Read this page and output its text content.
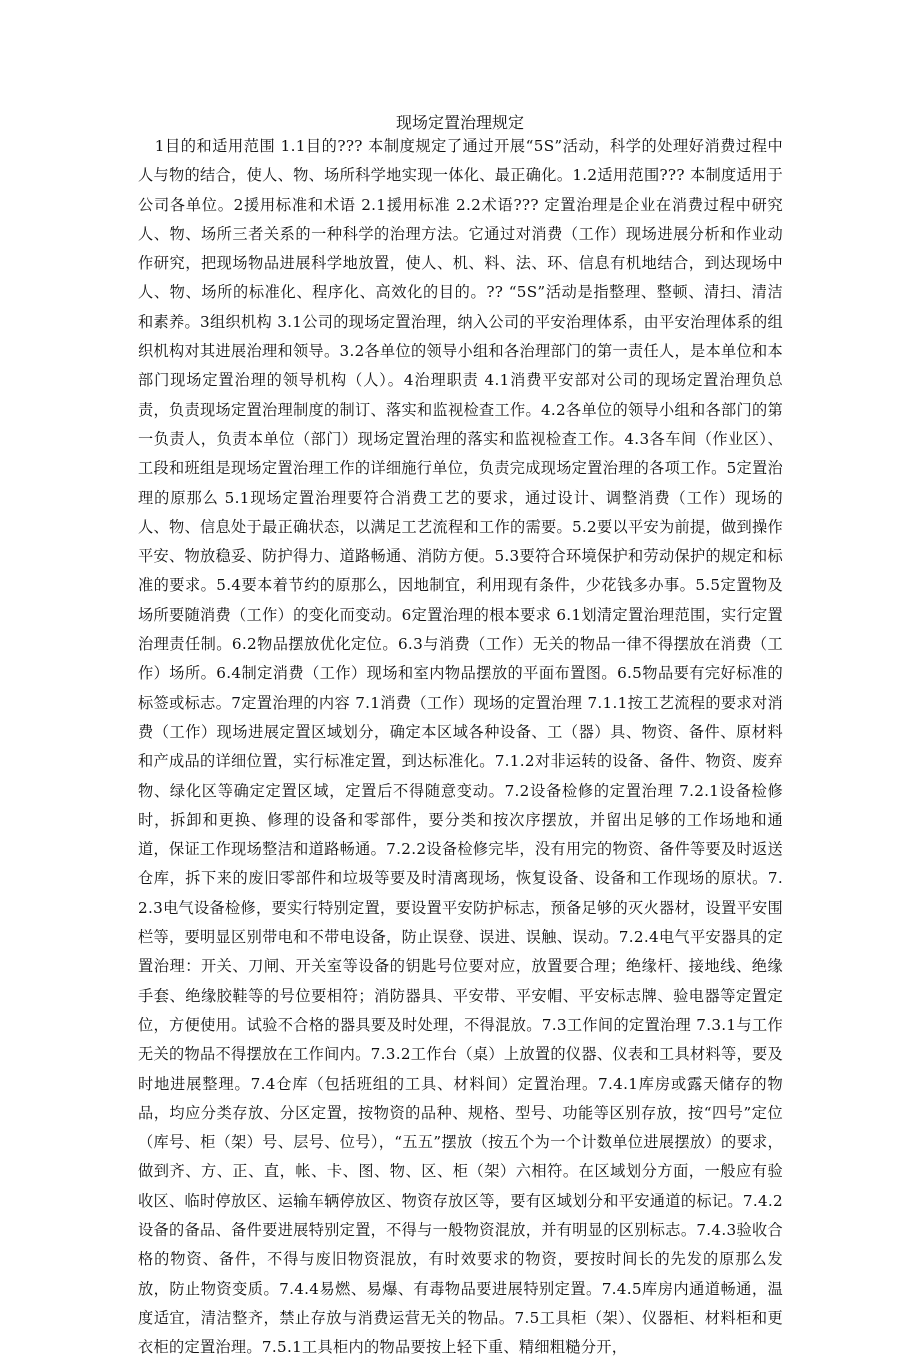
现场定置治理规定

1目的和适用范围 1.1目的??? 本制度规定了通过开展“5S”活动，科学的处理好消费过程中人与物的结合，使人、物、场所科学地实现一体化、最正确化。1.2适用范围??? 本制度适用于公司各单位。2援用标准和术语 2.1援用标准 2.2术语??? 定置治理是企业在消费过程中研究人、物、场所三者关系的一种科学的治理方法。它通过对消费（工作）现场进展分析和作业动作研究，把现场物品进展科学地放置，使人、机、料、法、环、信息有机地结合，到达现场中人、物、场所的标准化、程序化、高效化的目的。?? “5S”活动是指整理、整顿、清扫、清洁和素养。3组织机构 3.1公司的现场定置治理，纳入公司的平安治理体系，由平安治理体系的组织机构对其进展治理和领导。3.2各单位的领导小组和各治理部门的第一责任人，是本单位和本部门现场定置治理的领导机构（人）。4治理职责 4.1消费平安部对公司的现场定置治理负总责，负责现场定置治理制度的制订、落实和监视检查工作。4.2各单位的领导小组和各部门的第一负责人，负责本单位（部门）现场定置治理的落实和监视检查工作。4.3各车间（作业区）、工段和班组是现场定置治理工作的详细施行单位，负责完成现场定置治理的各项工作。5定置治理的原那么 5.1现场定置治理要符合消费工艺的要求，通过设计、调整消费（工作）现场的人、物、信息处于最正确状态，以满足工艺流程和工作的需要。5.2要以平安为前提，做到操作平安、物放稳妥、防护得力、道路畅通、消防方便。5.3要符合环境保护和劳动保护的规定和标准的要求。5.4要本着节约的原那么，因地制宜，利用现有条件，少花钱多办事。5.5定置物及场所要随消费（工作）的变化而变动。6定置治理的根本要求 6.1划清定置治理范围，实行定置治理责任制。6.2物品摆放优化定位。6.3与消费（工作）无关的物品一律不得摆放在消费（工作）场所。6.4制定消费（工作）现场和室内物品摆放的平面布置图。6.5物品要有完好标准的标签或标志。7定置治理的内容 7.1消费（工作）现场的定置治理 7.1.1按工艺流程的要求对消费（工作）现场进展定置区域划分，确定本区域各种设备、工（器）具、物资、备件、原材料和产成品的详细位置，实行标准定置，到达标准化。7.1.2对非运转的设备、备件、物资、废弃物、绿化区等确定定置区域，定置后不得随意变动。7.2设备检修的定置治理 7.2.1设备检修时，拆卸和更换、修理的设备和零部件，要分类和按次序摆放，并留出足够的工作场地和通道，保证工作现场整洁和道路畅通。7.2.2设备检修完毕，没有用完的物资、备件等要及时返送仓库，拆下来的废旧零部件和垃圾等要及时清离现场，恢复设备、设备和工作现场的原状。7.2.3电气设备检修，要实行特别定置，要设置平安防护标志，预备足够的灭火器材，设置平安围栏等，要明显区别带电和不带电设备，防止误登、误进、误触、误动。7.2.4电气平安器具的定置治理：开关、刀闸、开关室等设备的钥匙号位要对应，放置要合理；绝缘杆、接地线、绝缘手套、绝缘胶鞋等的号位要相符；消防器具、平安带、平安帽、平安标志牌、验电器等定置定位，方便使用。试验不合格的器具要及时处理，不得混放。7.3工作间的定置治理 7.3.1与工作无关的物品不得摆放在工作间内。7.3.2工作台（桌）上放置的仪器、仪表和工具材料等，要及时地进展整理。7.4仓库（包括班组的工具、材料间）定置治理。7.4.1库房或露天储存的物品，均应分类存放、分区定置，按物资的品种、规格、型号、功能等区别存放，按“四号”定位（库号、柜（架）号、层号、位号），“五五”摆放（按五个为一个计数单位进展摆放）的要求，做到齐、方、正、直，帐、卡、图、物、区、柜（架）六相符。在区域划分方面，一般应有验收区、临时停放区、运输车辆停放区、物资存放区等，要有区域划分和平安通道的标记。7.4.2设备的备品、备件要进展特别定置，不得与一般物资混放，并有明显的区别标志。7.4.3验收合格的物资、备件，不得与废旧物资混放，有时效要求的物资，要按时间长的先发的原那么发放，防止物资变质。7.4.4易燃、易爆、有毒物品要进展特别定置。7.4.5库房内通道畅通，温度适宜，清洁整齐，禁止存放与消费运营无关的物品。7.5工具柜（架）、仪器柜、材料柜和更衣柜的定置治理。7.5.1工具柜内的物品要按上轻下重、精细粗糙分开，
